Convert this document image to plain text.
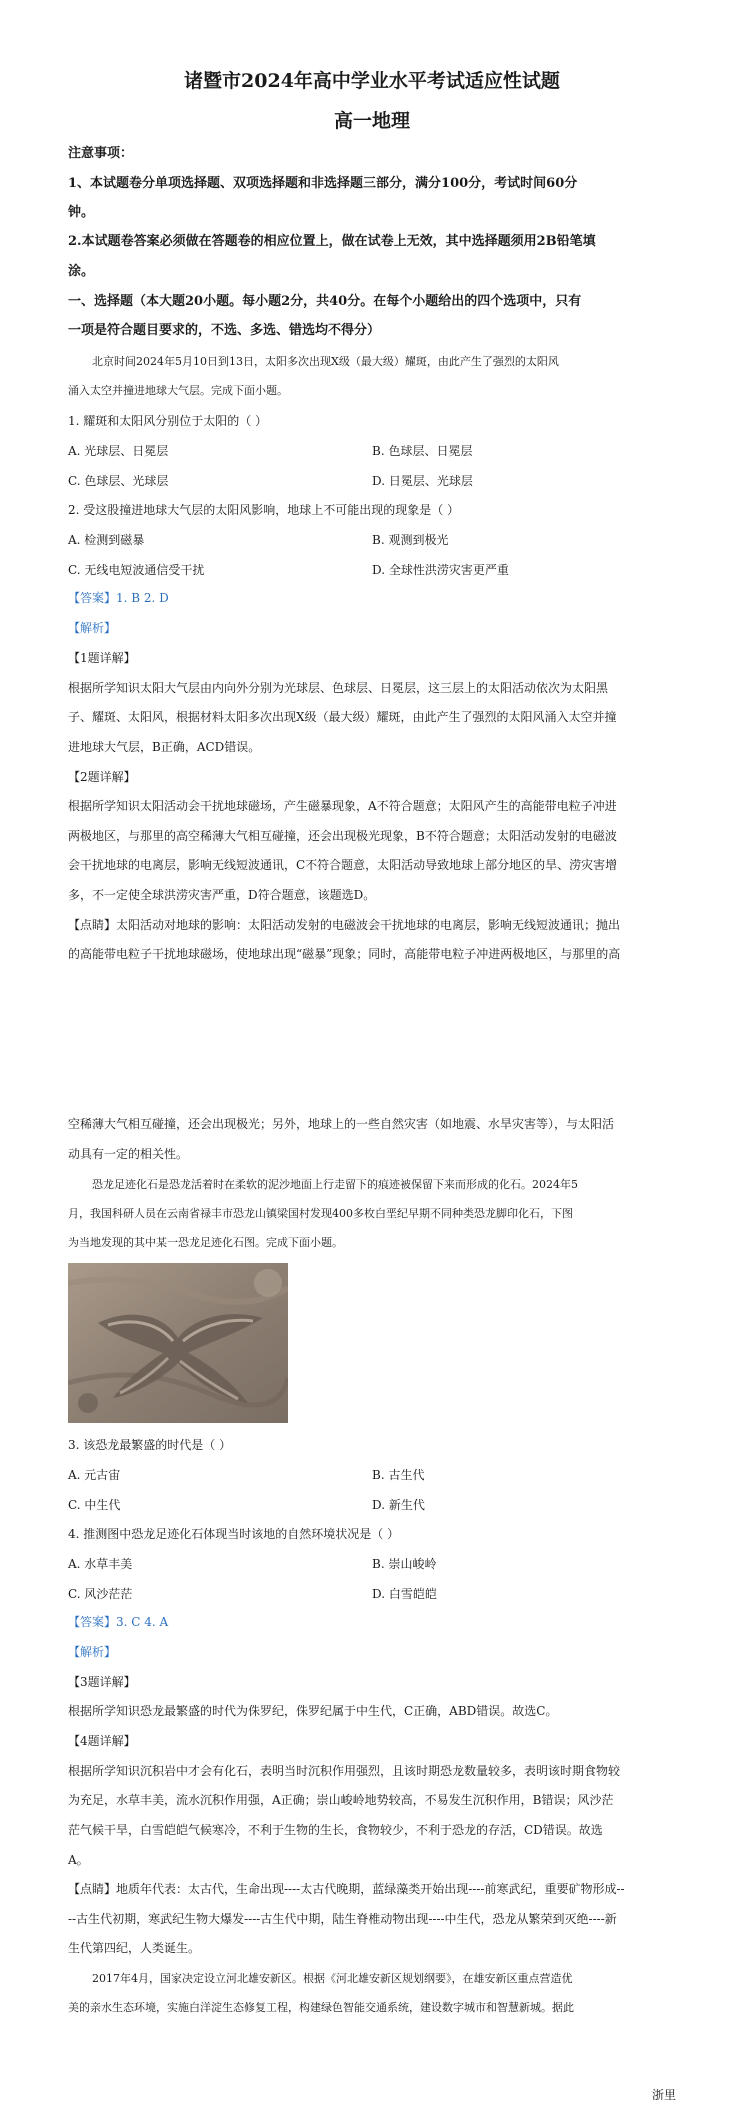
诸暨市2024年高中学业水平考试适应性试题
高一地理
注意事项：
1、本试题卷分单项选择题、双项选择题和非选择题三部分，满分100分，考试时间60分
钟。
2.本试题卷答案必须做在答题卷的相应位置上，做在试卷上无效，其中选择题须用2B铅笔填
涂。
一、选择题（本大题20小题。每小题2分，共40分。在每个小题给出的四个选项中，只有
一项是符合题目要求的，不选、多选、错选均不得分）
北京时间2024年5月10日到13日，太阳多次出现X级（最大级）耀斑，由此产生了强烈的太阳风
涌入太空并撞进地球大气层。完成下面小题。
1. 耀斑和太阳风分别位于太阳的（ ）
A. 光球层、日冕层	B. 色球层、日冕层
C. 色球层、光球层	D. 日冕层、光球层
2. 受这股撞进地球大气层的太阳风影响，地球上不可能出现的现象是（ ）
A. 检测到磁暴	B. 观测到极光
C. 无线电短波通信受干扰	D. 全球性洪涝灾害更严重
【答案】1. B 2. D
【解析】
【1题详解】
根据所学知识太阳大气层由内向外分别为光球层、色球层、日冕层，这三层上的太阳活动依次为太阳黑
子、耀斑、太阳风，根据材料太阳多次出现X级（最大级）耀斑，由此产生了强烈的太阳风涌入太空并撞
进地球大气层，B正确，ACD错误。
【2题详解】
根据所学知识太阳活动会干扰地球磁场，产生磁暴现象，A不符合题意；太阳风产生的高能带电粒子冲进
两极地区，与那里的高空稀薄大气相互碰撞，还会出现极光现象，B不符合题意；太阳活动发射的电磁波
会干扰地球的电离层，影响无线短波通讯，C不符合题意，太阳活动导致地球上部分地区的旱、涝灾害增
多，不一定使全球洪涝灾害严重，D符合题意，该题选D。
【点睛】太阳活动对地球的影响：太阳活动发射的电磁波会干扰地球的电离层，影响无线短波通讯；抛出
的高能带电粒子干扰地球磁场，使地球出现“磁暴”现象；同时，高能带电粒子冲进两极地区，与那里的高
空稀薄大气相互碰撞，还会出现极光；另外，地球上的一些自然灾害（如地震、水旱灾害等），与太阳活
动具有一定的相关性。
恐龙足迹化石是恐龙活着时在柔软的泥沙地面上行走留下的痕迹被保留下来而形成的化石。2024年5
月，我国科研人员在云南省禄丰市恐龙山镇梁国村发现400多枚白垩纪早期不同种类恐龙脚印化石，下图
为当地发现的其中某一恐龙足迹化石图。完成下面小题。
3. 该恐龙最繁盛的时代是（ ）
A. 元古宙	B. 古生代
C. 中生代	D. 新生代
4. 推测图中恐龙足迹化石体现当时该地的自然环境状况是（ ）
A. 水草丰美	B. 崇山峻岭
C. 风沙茫茫	D. 白雪皑皑
【答案】3. C 4. A
【解析】
【3题详解】
根据所学知识恐龙最繁盛的时代为侏罗纪，侏罗纪属于中生代，C正确，ABD错误。故选C。
【4题详解】
根据所学知识沉积岩中才会有化石，表明当时沉积作用强烈，且该时期恐龙数量较多，表明该时期食物较
为充足，水草丰美，流水沉积作用强，A正确；崇山峻岭地势较高，不易发生沉积作用，B错误；风沙茫
茫气候干旱，白雪皑皑气候寒冷，不利于生物的生长，食物较少，不利于恐龙的存活，CD错误。故选
A。
【点睛】地质年代表：太古代，生命出现----太古代晚期，蓝绿藻类开始出现----前寒武纪，重要矿物形成--
--古生代初期，寒武纪生物大爆发----古生代中期，陆生脊椎动物出现----中生代，恐龙从繁荣到灭绝----新
生代第四纪，人类诞生。
2017年4月，国家决定设立河北雄安新区。根据《河北雄安新区规划纲要》，在雄安新区重点营造优
美的亲水生态环境，实施白洋淀生态修复工程，构建绿色智能交通系统，建设数字城市和智慧新城。据此
浙里
